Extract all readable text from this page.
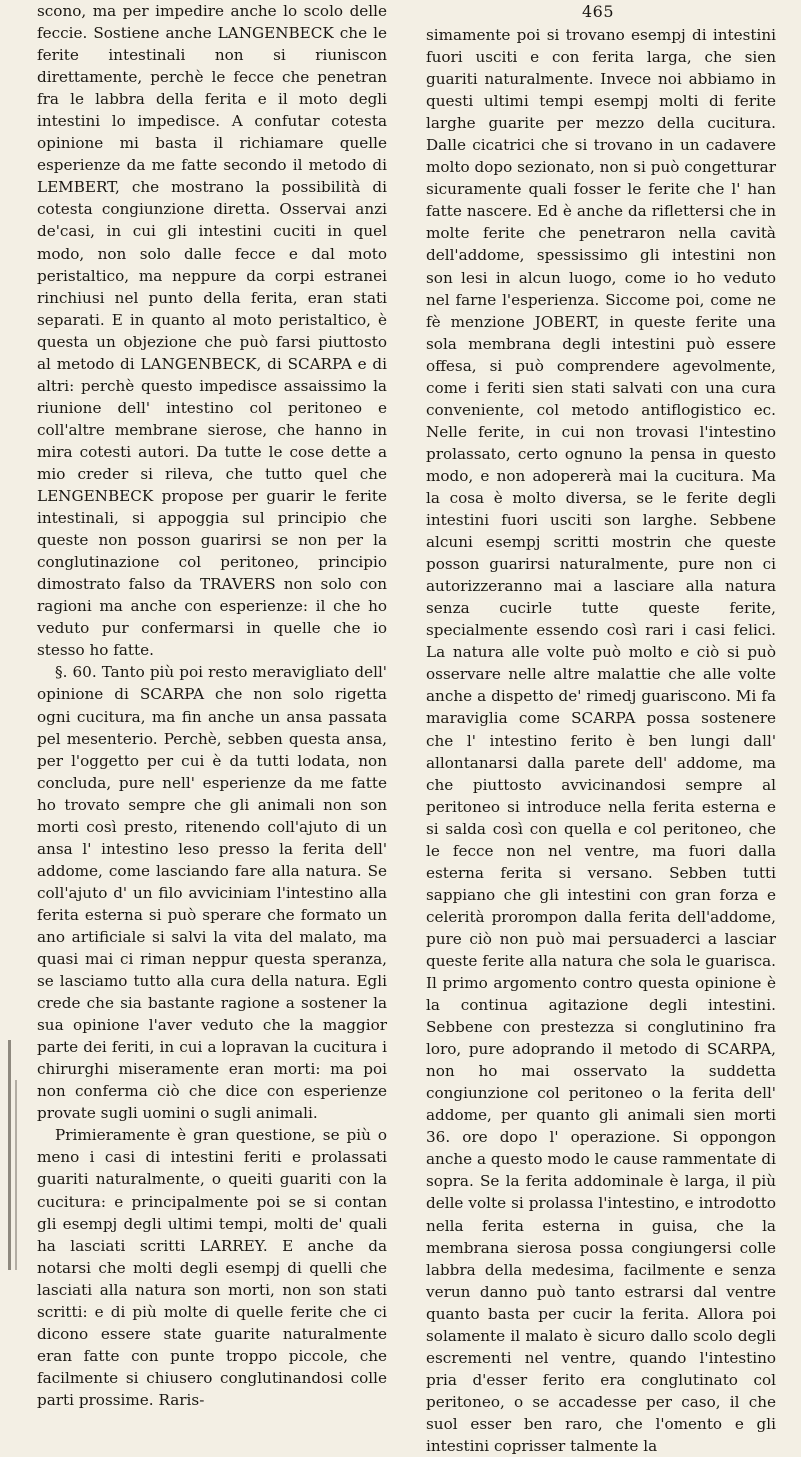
465

scono, ma per impedire anche lo scolo delle feccie. Sostiene anche LANGENBECK che le ferite intestinali non si riuniscon direttamente, perchè le fecce che penetran fra le labbra della ferita e il moto degli intestini lo impedisce. A confutar cotesta opinione mi basta il richiamare quelle esperienze da me fatte secondo il metodo di LEMBERT, che mostrano la possibilità di cotesta congiunzione diretta. Osservai anzi de'casi, in cui gli intestini cuciti in quel modo, non solo dalle fecce e dal moto peristaltico, ma neppure da corpi estranei rinchiusi nel punto della ferita, eran stati separati. E in quanto al moto peristaltico, è questa un objezione che può farsi piuttosto al metodo di LANGENBECK, di SCARPA e di altri: perchè questo impedisce assaissimo la riunione dell' intestino col peritoneo e coll'altre membrane sierose, che hanno in mira cotesti autori. Da tutte le cose dette a mio creder si rileva, che tutto quel che LENGENBECK propose per guarir le ferite intestinali, si appoggia sul principio che queste non posson guarirsi se non per la conglutinazione col peritoneo, principio dimostrato falso da TRAVERS non solo con ragioni ma anche con esperienze: il che ho veduto pur confermarsi in quelle che io stesso ho fatte.

§. 60. Tanto più poi resto meravigliato dell' opinione di SCARPA che non solo rigetta ogni cucitura, ma fin anche un ansa passata pel mesenterio. Perchè, sebben questa ansa, per l'oggetto per cui è da tutti lodata, non concluda, pure nell' esperienze da me fatte ho trovato sempre che gli animali non son morti così presto, ritenendo coll'ajuto di un ansa l' intestino leso presso la ferita dell' addome, come lasciando fare alla natura. Se coll'ajuto d' un filo avviciniam l'intestino alla ferita esterna si può sperare che formato un ano artificiale si salvi la vita del malato, ma quasi mai ci riman neppur questa speranza, se lasciamo tutto alla cura della natura. Egli crede che sia bastante ragione a sostener la sua opinione l'aver veduto che la maggior parte dei feriti, in cui a lopravan la cucitura i chirurghi miseramente eran morti: ma poi non conferma ciò che dice con esperienze provate sugli uomini o sugli animali.

Primieramente è gran questione, se più o meno i casi di intestini feriti e prolassati guariti naturalmente, o queiti guariti con la cucitura: e principalmente poi se si contan gli esempj degli ultimi tempi, molti de' quali ha lasciati scritti LARREY. E anche da notarsi che molti degli esempj di quelli che lasciati alla natura son morti, non son stati scritti: e di più molte di quelle ferite che ci dicono essere state guarite naturalmente eran fatte con punte troppo piccole, che facilmente si chiusero conglutinandosi colle parti prossime. Raris-

simamente poi si trovano esempj di intestini fuori usciti e con ferita larga, che sien guariti naturalmente. Invece noi abbiamo in questi ultimi tempi esempj molti di ferite larghe guarite per mezzo della cucitura. Dalle cicatrici che si trovano in un cadavere molto dopo sezionato, non si può congetturar sicuramente quali fosser le ferite che l' han fatte nascere. Ed è anche da riflettersi che in molte ferite che penetraron nella cavità dell'addome, spessissimo gli intestini non son lesi in alcun luogo, come io ho veduto nel farne l'esperienza. Siccome poi, come ne fè menzione JOBERT, in queste ferite una sola membrana degli intestini può essere offesa, si può comprendere agevolmente, come i feriti sien stati salvati con una cura conveniente, col metodo antiflogistico ec. Nelle ferite, in cui non trovasi l'intestino prolassato, certo ognuno la pensa in questo modo, e non adopererà mai la cucitura. Ma la cosa è molto diversa, se le ferite degli intestini fuori usciti son larghe. Sebbene alcuni esempj scritti mostrin che queste posson guarirsi naturalmente, pure non ci autorizzeranno mai a lasciare alla natura senza cucirle tutte queste ferite, specialmente essendo così rari i casi felici. La natura alle volte può molto e ciò si può osservare nelle altre malattie che alle volte anche a dispetto de' rimedj guariscono. Mi fa maraviglia come SCARPA possa sostenere che l' intestino ferito è ben lungi dall' allontanarsi dalla parete dell' addome, ma che piuttosto avvicinandosi sempre al peritoneo si introduce nella ferita esterna e si salda così con quella e col peritoneo, che le fecce non nel ventre, ma fuori dalla esterna ferita si versano. Sebben tutti sappiano che gli intestini con gran forza e celerità prorompon dalla ferita dell'addome, pure ciò non può mai persuaderci a lasciar queste ferite alla natura che sola le guarisca. Il primo argomento contro questa opinione è la continua agitazione degli intestini. Sebbene con prestezza si conglutinino fra loro, pure adoprando il metodo di SCARPA, non ho mai osservato la suddetta congiunzione col peritoneo o la ferita dell' addome, per quanto gli animali sien morti 36. ore dopo l' operazione. Si oppongon anche a questo modo le cause rammentate di sopra. Se la ferita addominale è larga, il più delle volte si prolassa l'intestino, e introdotto nella ferita esterna in guisa, che la membrana sierosa possa congiungersi colle labbra della medesima, facilmente e senza verun danno può tanto estrarsi dal ventre quanto basta per cucir la ferita. Allora poi solamente il malato è sicuro dallo scolo degli escrementi nel ventre, quando l'intestino pria d'esser ferito era conglutinato col peritoneo, o se accadesse per caso, il che suol esser ben raro, che l'omento e gli intestini coprisser talmente la
